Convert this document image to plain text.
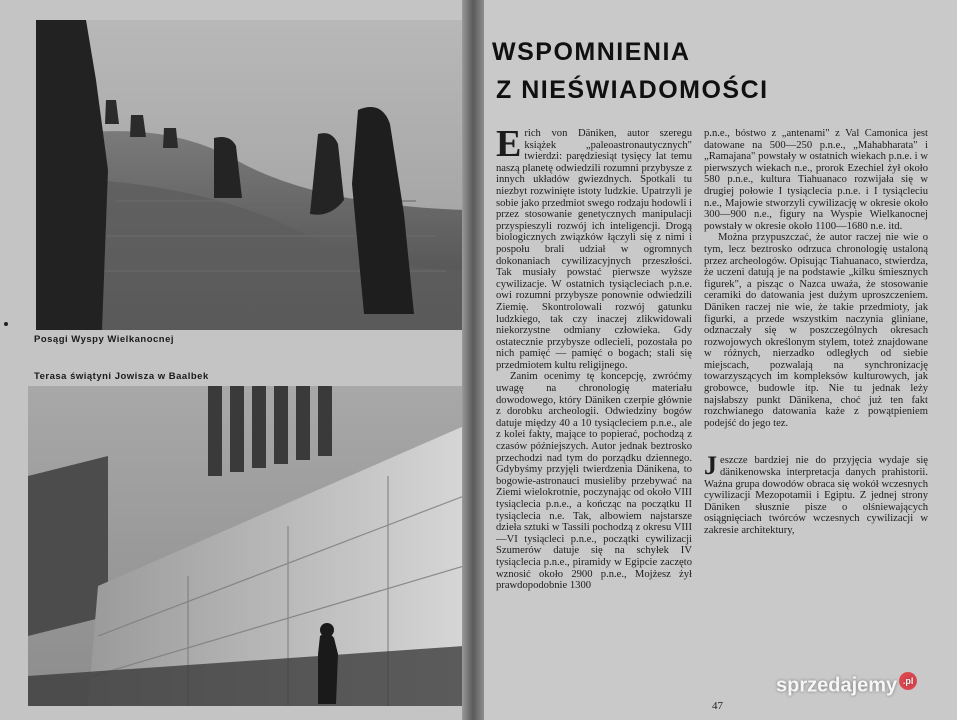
Posągi Wyspy Wielkanocnej
Terasa świątyni Jowisza w Baalbek
WSPOMNIENIA
Z NIEŚWIADOMOŚCI

Erich von Däniken, autor szeregu książek „paleoastronautycznych" twierdzi: parędziesiąt tysięcy lat temu naszą planetę odwiedzili rozumni przybysze z innych układów gwiezdnych. Spotkali tu niezbyt rozwinięte istoty ludzkie. Upatrzyli je sobie jako przedmiot swego rodzaju hodowli i przez stosowanie genetycznych manipulacji przyspieszyli rozwój ich inteligencji. Drogą biologicznych związków łączyli się z nimi i pospołu brali udział w ogromnych dokonaniach cywilizacyjnych przeszłości. Tak musiały powstać pierwsze wyższe cywilizacje. W ostatnich tysiącleciach p.n.e. owi rozumni przybysze ponownie odwiedzili Ziemię. Skontrolowali rozwój gatunku ludzkiego, tak czy inaczej zlikwidowali niekorzystne odmiany człowieka. Gdy ostatecznie przybysze odlecieli, pozostała po nich pamięć — pamięć o bogach; stali się przedmiotem kultu religijnego.

Zanim ocenimy tę koncepcję, zwróćmy uwagę na chronologię materiału dowodowego, który Däniken czerpie głównie z dorobku archeologii. Odwiedziny bogów datuje między 40 a 10 tysiącleciem p.n.e., ale z kolei fakty, mające to popierać, pochodzą z czasów późniejszych. Autor jednak beztrosko przechodzi nad tym do porządku dziennego. Gdybyśmy przyjęli twierdzenia Dänikena, to bogowie-astronauci musieliby przebywać na Ziemi wielokrotnie, poczynając od około VIII tysiąclecia p.n.e., a kończąc na początku II tysiąclecia n.e. Tak, albowiem najstarsze dzieła sztuki w Tassili pochodzą z okresu VIII—VI tysiącleci p.n.e., początki cywilizacji Szumerów datuje się na schyłek IV tysiąclecia p.n.e., piramidy w Egipcie zaczęto wznosić około 2900 p.n.e., Mojżesz żył prawdopodobnie 1300

p.n.e., bóstwo z „antenami" z Val Camonica jest datowane na 500—250 p.n.e., „Mahabharata" i „Ramajana" powstały w ostatnich wiekach p.n.e. i w pierwszych wiekach n.e., prorok Ezechiel żył około 580 p.n.e., kultura Tiahuanaco rozwijała się w drugiej połowie I tysiąclecia p.n.e. i I tysiącleciu n.e., Majowie stworzyli cywilizację w okresie około 300—900 n.e., figury na Wyspie Wielkanocnej powstały w okresie około 1100—1680 n.e. itd.

Można przypuszczać, że autor raczej nie wie o tym, lecz beztrosko odrzuca chronologię ustaloną przez archeologów. Opisując Tiahuanaco, stwierdza, że uczeni datują je na podstawie „kilku śmiesznych figurek", a pisząc o Nazca uważa, że stosowanie ceramiki do datowania jest dużym uproszczeniem. Däniken raczej nie wie, że takie przedmioty, jak figurki, a przede wszystkim naczynia gliniane, odznaczały się w poszczególnych okresach rozwojowych określonym stylem, toteż znajdowane w różnych, nierzadko odległych od siebie miejscach, pozwalają na synchronizację towarzyszących im kompleksów kulturowych, jak grobowce, budowle itp. Nie tu jednak leży najsłabszy punkt Dänikena, choć już ten fakt rozchwianego datowania każe z powątpieniem podejść do jego tez.

Jeszcze bardziej nie do przyjęcia wydaje się dänikenowska interpretacja danych prahistorii. Ważna grupa dowodów obraca się wokół wczesnych cywilizacji Mezopotamii i Egiptu. Z jednej strony Däniken słusznie pisze o olśniewających osiągnięciach twórców wczesnych cywilizacji w zakresie architektury,

47
sprzedajemy .pl
